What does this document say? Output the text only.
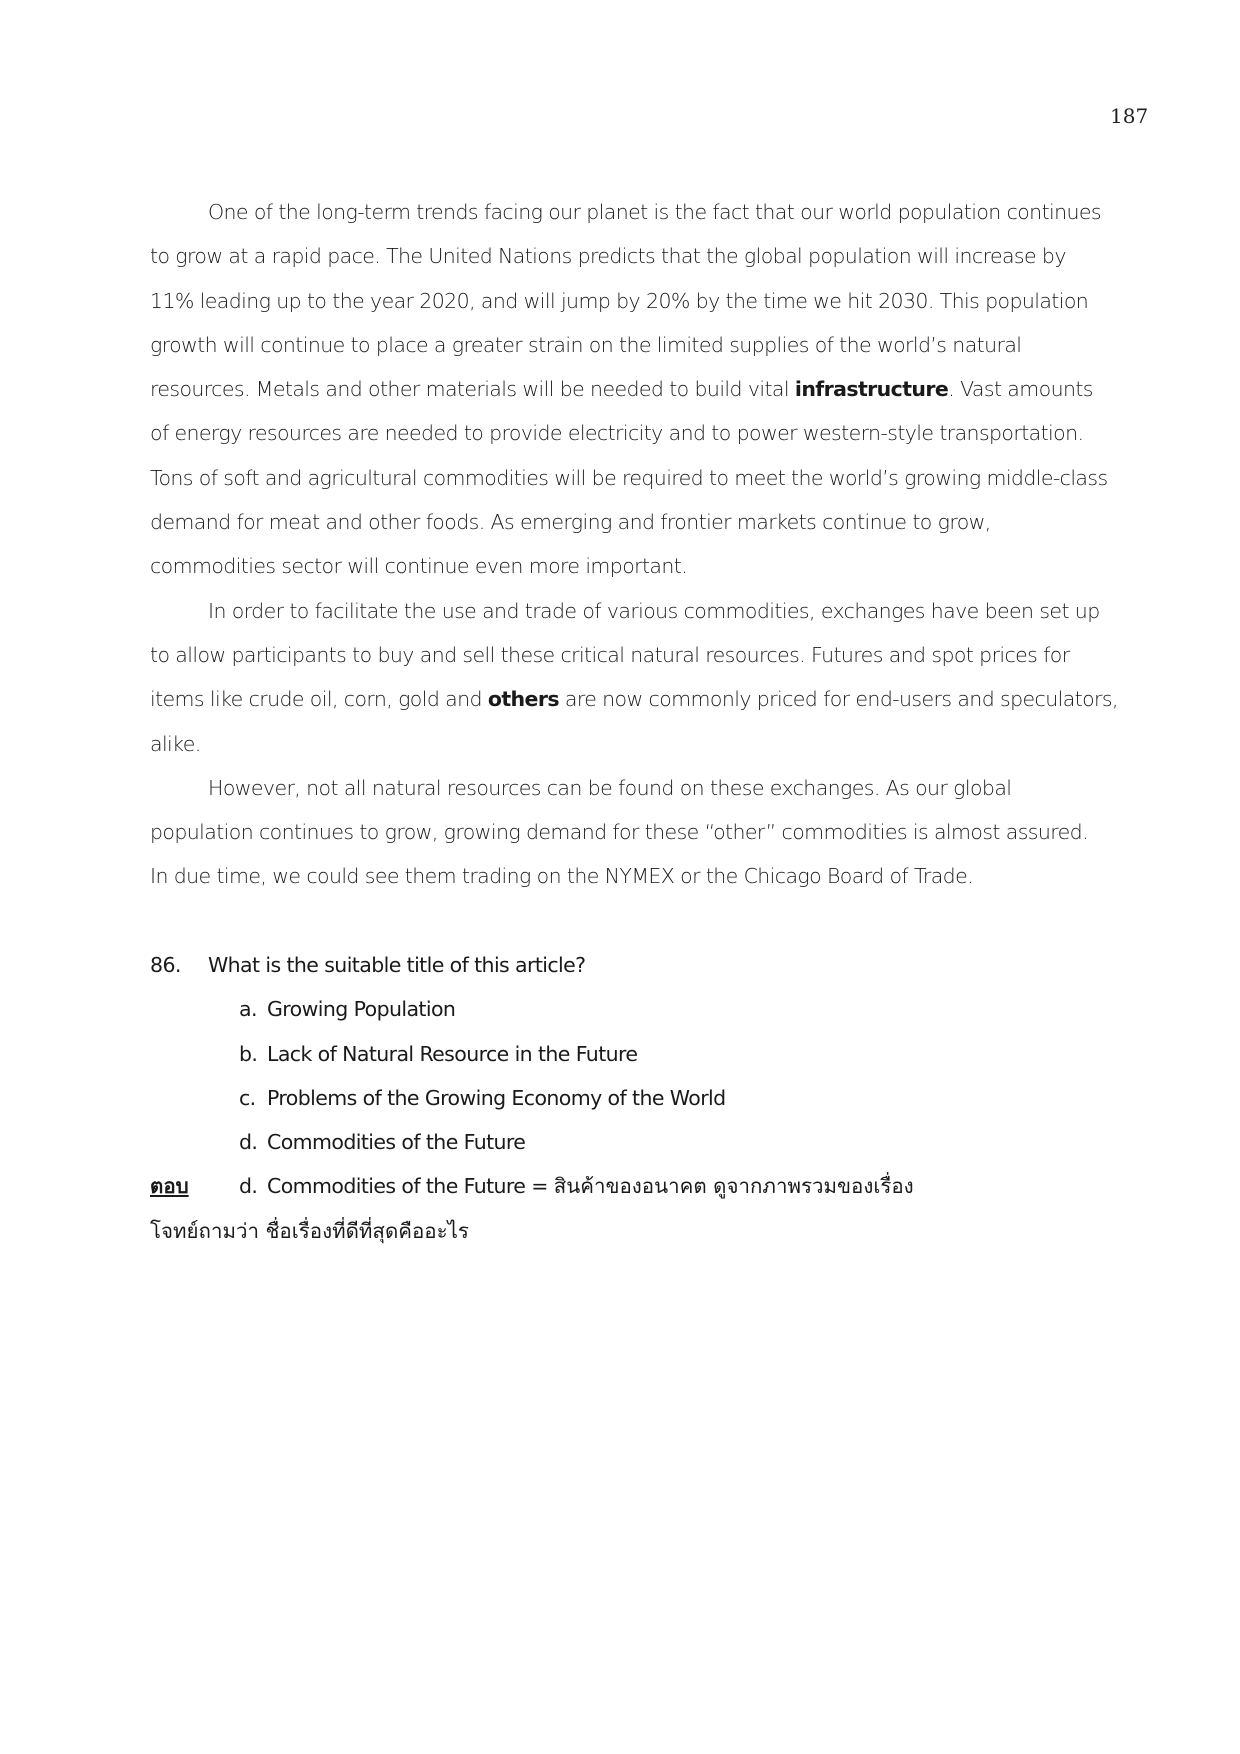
187
One of the long-term trends facing our planet is the fact that our world population continues
to grow at a rapid pace. The United Nations predicts that the global population will increase by
11% leading up to the year 2020, and will jump by 20% by the time we hit 2030. This population
growth will continue to place a greater strain on the limited supplies of the world’s natural
resources. Metals and other materials will be needed to build vital infrastructure. Vast amounts
of energy resources are needed to provide electricity and to power western-style transportation.
Tons of soft and agricultural commodities will be required to meet the world’s growing middle-class
demand for meat and other foods. As emerging and frontier markets continue to grow,
commodities sector will continue even more important.
In order to facilitate the use and trade of various commodities, exchanges have been set up
to allow participants to buy and sell these critical natural resources. Futures and spot prices for
items like crude oil, corn, gold and others are now commonly priced for end-users and speculators,
alike.
However, not all natural resources can be found on these exchanges. As our global
population continues to grow, growing demand for these “other” commodities is almost assured.
In due time, we could see them trading on the NYMEX or the Chicago Board of Trade.
86. What is the suitable title of this article?
a. Growing Population
b. Lack of Natural Resource in the Future
c. Problems of the Growing Economy of the World
d. Commodities of the Future
ตอบ d. Commodities of the Future = สินค้าของอนาคต ดูจากภาพรวมของเรื่อง
โจทย์ถามว่า ชื่อเรื่องที่ดีที่สุดคืออะไร
